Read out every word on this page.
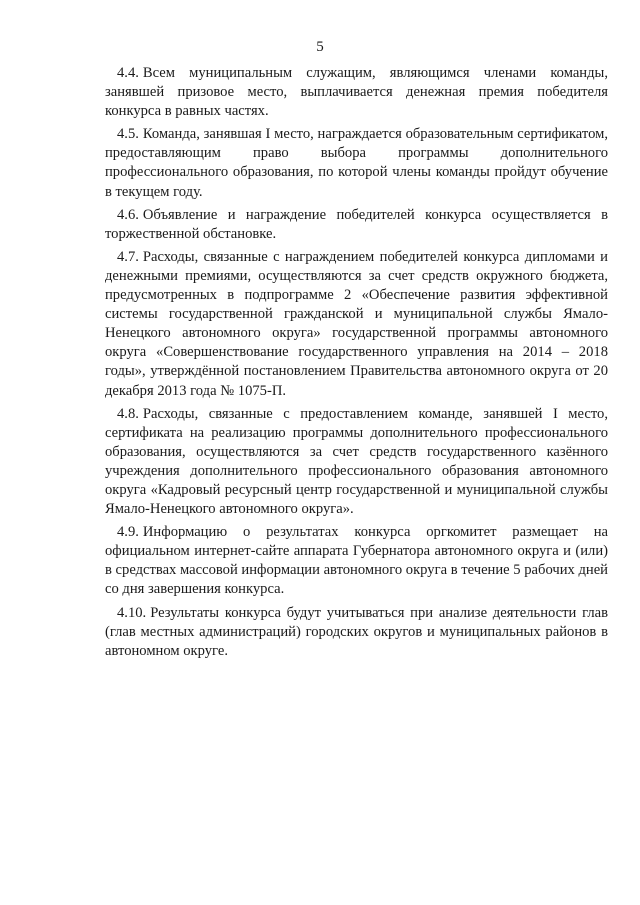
5

4.4. Всем муниципальным служащим, являющимся членами команды, занявшей призовое место, выплачивается денежная премия победителя конкурса в равных частях.

4.5. Команда, занявшая I место, награждается образовательным сертификатом, предоставляющим право выбора программы дополнительного профессионального образования, по которой члены команды пройдут обучение в текущем году.

4.6. Объявление и награждение победителей конкурса осуществляется в торжественной обстановке.

4.7. Расходы, связанные с награждением победителей конкурса дипломами и денежными премиями, осуществляются за счет средств окружного бюджета, предусмотренных в подпрограмме 2 «Обеспечение развития эффективной системы государственной гражданской и муниципальной службы Ямало-Ненецкого автономного округа» государственной программы автономного округа «Совершенствование государственного управления на 2014 – 2018 годы», утверждённой постановлением Правительства автономного округа от 20 декабря 2013 года № 1075-П.

4.8. Расходы, связанные с предоставлением команде, занявшей I место, сертификата на реализацию программы дополнительного профессионального образования, осуществляются за счет средств государственного казённого учреждения дополнительного профессионального образования автономного округа «Кадровый ресурсный центр государственной и муниципальной службы Ямало-Ненецкого автономного округа».

4.9. Информацию о результатах конкурса оргкомитет размещает на официальном интернет-сайте аппарата Губернатора автономного округа и (или) в средствах массовой информации автономного округа в течение 5 рабочих дней со дня завершения конкурса.

4.10. Результаты конкурса будут учитываться при анализе деятельности глав (глав местных администраций) городских округов и муниципальных районов в автономном округе.
